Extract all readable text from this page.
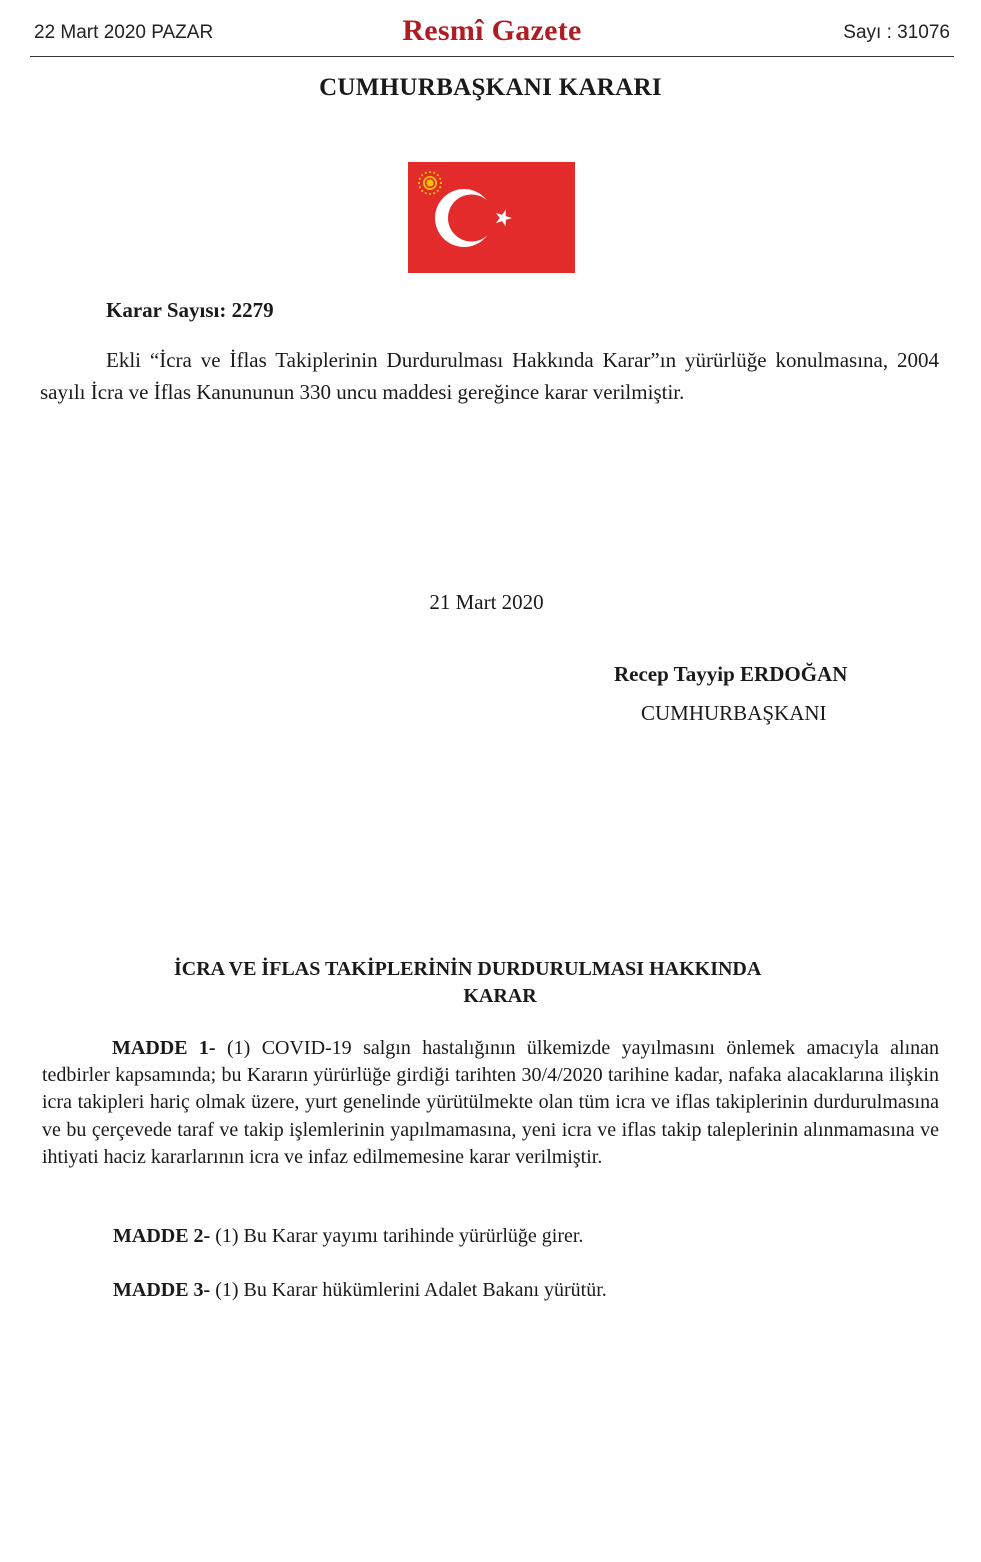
22 Mart 2020 PAZAR	Resmî Gazete	Sayı : 31076
CUMHURBAŞKANI KARARI
Karar Sayısı: 2279

Ekli “İcra ve İflas Takiplerinin Durdurulması Hakkında Karar”ın yürürlüğe konulmasına, 2004 sayılı İcra ve İflas Kanununun 330 uncu maddesi gereğince karar verilmiştir.

21 Mart 2020
Recep Tayyip ERDOĞAN
CUMHURBAŞKANI
İCRA VE İFLAS TAKİPLERİNİN DURDURULMASI HAKKINDA
KARAR

MADDE 1- (1) COVID-19 salgın hastalığının ülkemizde yayılmasını önlemek amacıyla alınan tedbirler kapsamında; bu Kararın yürürlüğe girdiği tarihten 30/4/2020 tarihine kadar, nafaka alacaklarına ilişkin icra takipleri hariç olmak üzere, yurt genelinde yürütülmekte olan tüm icra ve iflas takiplerinin durdurulmasına ve bu çerçevede taraf ve takip işlemlerinin yapılmamasına, yeni icra ve iflas takip taleplerinin alınmamasına ve ihtiyati haciz kararlarının icra ve infaz edilmemesine karar verilmiştir.

MADDE 2- (1) Bu Karar yayımı tarihinde yürürlüğe girer.
MADDE 3- (1) Bu Karar hükümlerini Adalet Bakanı yürütür.
